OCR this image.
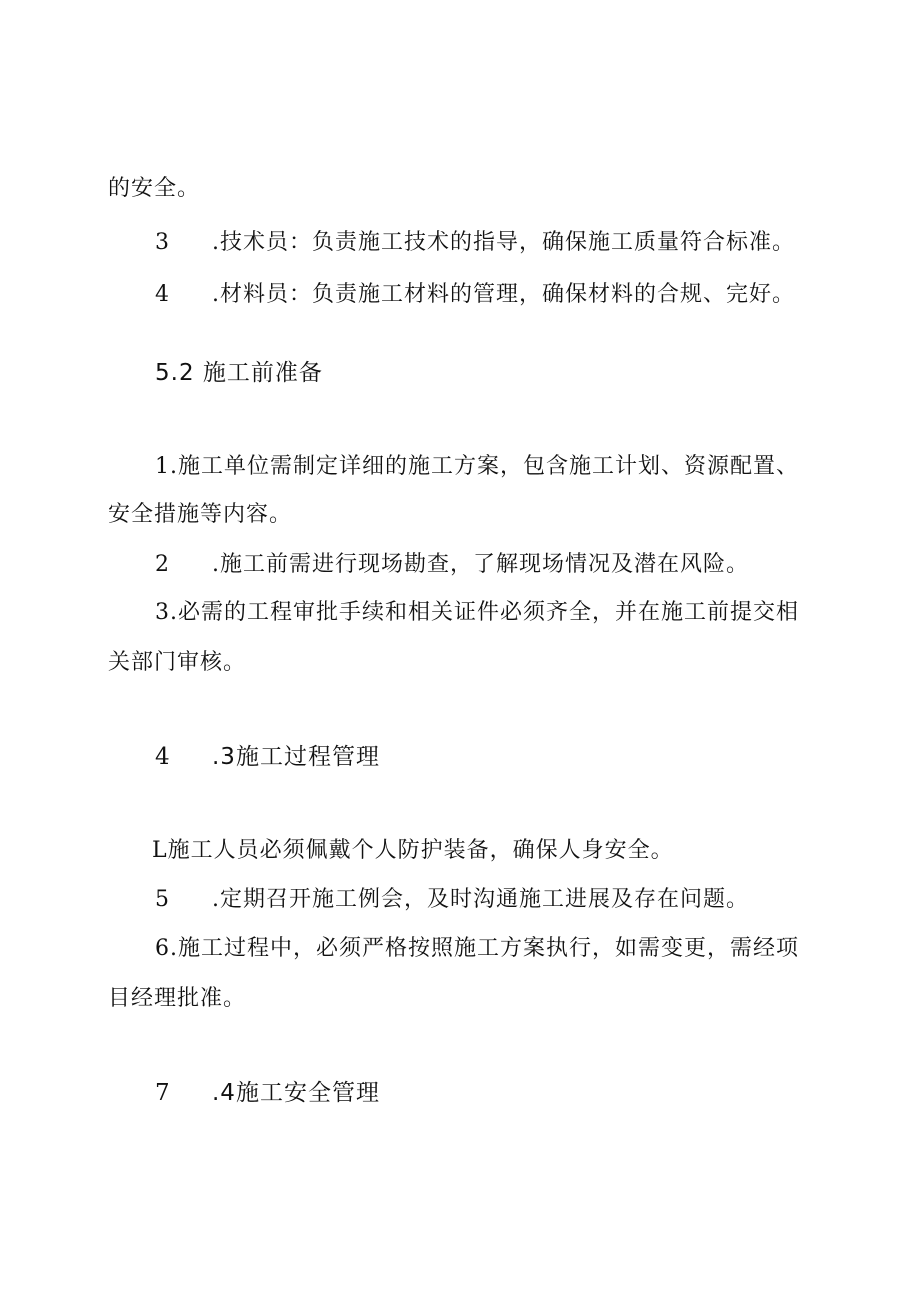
的安全。
3 .技术员：负责施工技术的指导，确保施工质量符合标准。
4 .材料员：负责施工材料的管理，确保材料的合规、完好。
5.2 施工前准备
1.施工单位需制定详细的施工方案，包含施工计划、资源配置、
安全措施等内容。
2 .施工前需进行现场勘查，了解现场情况及潜在风险。
3.必需的工程审批手续和相关证件必须齐全，并在施工前提交相
关部门审核。
4 .3施工过程管理
L施工人员必须佩戴个人防护装备，确保人身安全。
5 .定期召开施工例会，及时沟通施工进展及存在问题。
6.施工过程中，必须严格按照施工方案执行，如需变更，需经项
目经理批准。
7 .4施工安全管理
